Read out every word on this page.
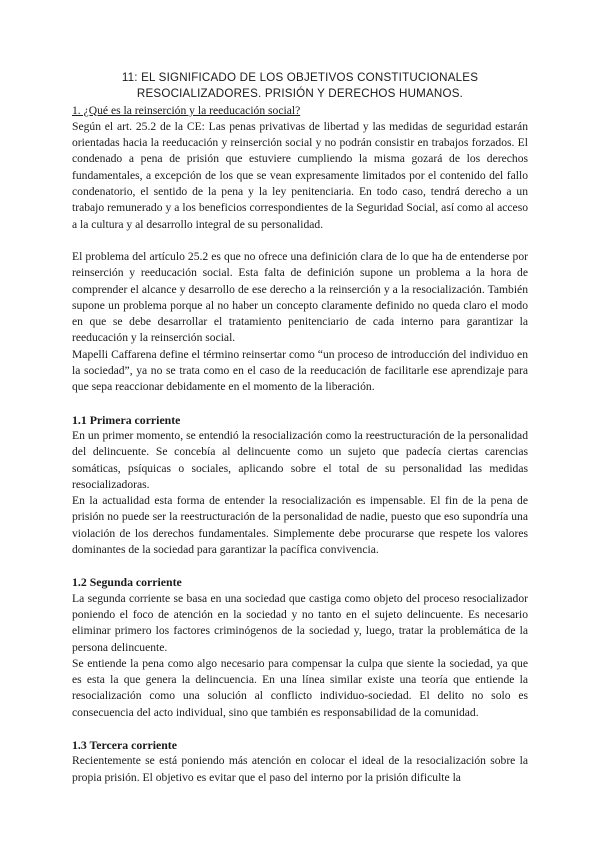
11: EL SIGNIFICADO DE LOS OBJETIVOS CONSTITUCIONALES

RESOCIALIZADORES. PRISIÓN Y DERECHOS HUMANOS.

1. ¿Qué es la reinserción y la reeducación social?

Según el art. 25.2 de la CE: Las penas privativas de libertad y las medidas de seguridad estarán orientadas hacia la reeducación y reinserción social y no podrán consistir en trabajos forzados. El condenado a pena de prisión que estuviere cumpliendo la misma gozará de los derechos fundamentales, a excepción de los que se vean expresamente limitados por el contenido del fallo condenatorio, el sentido de la pena y la ley penitenciaria. En todo caso, tendrá derecho a un trabajo remunerado y a los beneficios correspondientes de la Seguridad Social, así como al acceso a la cultura y al desarrollo integral de su personalidad.

El problema del artículo 25.2 es que no ofrece una definición clara de lo que ha de entenderse por reinserción y reeducación social. Esta falta de definición supone un problema a la hora de comprender el alcance y desarrollo de ese derecho a la reinserción y a la resocialización. También supone un problema porque al no haber un concepto claramente definido no queda claro el modo en que se debe desarrollar el tratamiento penitenciario de cada interno para garantizar la reeducación y la reinserción social.

Mapelli Caffarena define el término reinsertar como “un proceso de introducción del individuo en la sociedad”, ya no se trata como en el caso de la reeducación de facilitarle ese aprendizaje para que sepa reaccionar debidamente en el momento de la liberación.

1.1 Primera corriente

En un primer momento, se entendió la resocialización como la reestructuración de la personalidad del delincuente. Se concebía al delincuente como un sujeto que padecía ciertas carencias somáticas, psíquicas o sociales, aplicando sobre el total de su personalidad las medidas resocializadoras.

En la actualidad esta forma de entender la resocialización es impensable. El fin de la pena de prisión no puede ser la reestructuración de la personalidad de nadie, puesto que eso supondría una violación de los derechos fundamentales. Simplemente debe procurarse que respete los valores dominantes de la sociedad para garantizar la pacífica convivencia.

1.2 Segunda corriente

La segunda corriente se basa en una sociedad que castiga como objeto del proceso resocializador poniendo el foco de atención en la sociedad y no tanto en el sujeto delincuente. Es necesario eliminar primero los factores criminógenos de la sociedad y, luego, tratar la problemática de la persona delincuente.

Se entiende la pena como algo necesario para compensar la culpa que siente la sociedad, ya que es esta la que genera la delincuencia. En una línea similar existe una teoría que entiende la resocialización como una solución al conflicto individuo-sociedad. El delito no solo es consecuencia del acto individual, sino que también es responsabilidad de la comunidad.

1.3 Tercera corriente

Recientemente se está poniendo más atención en colocar el ideal de la resocialización sobre la propia prisión. El objetivo es evitar que el paso del interno por la prisión dificulte la
